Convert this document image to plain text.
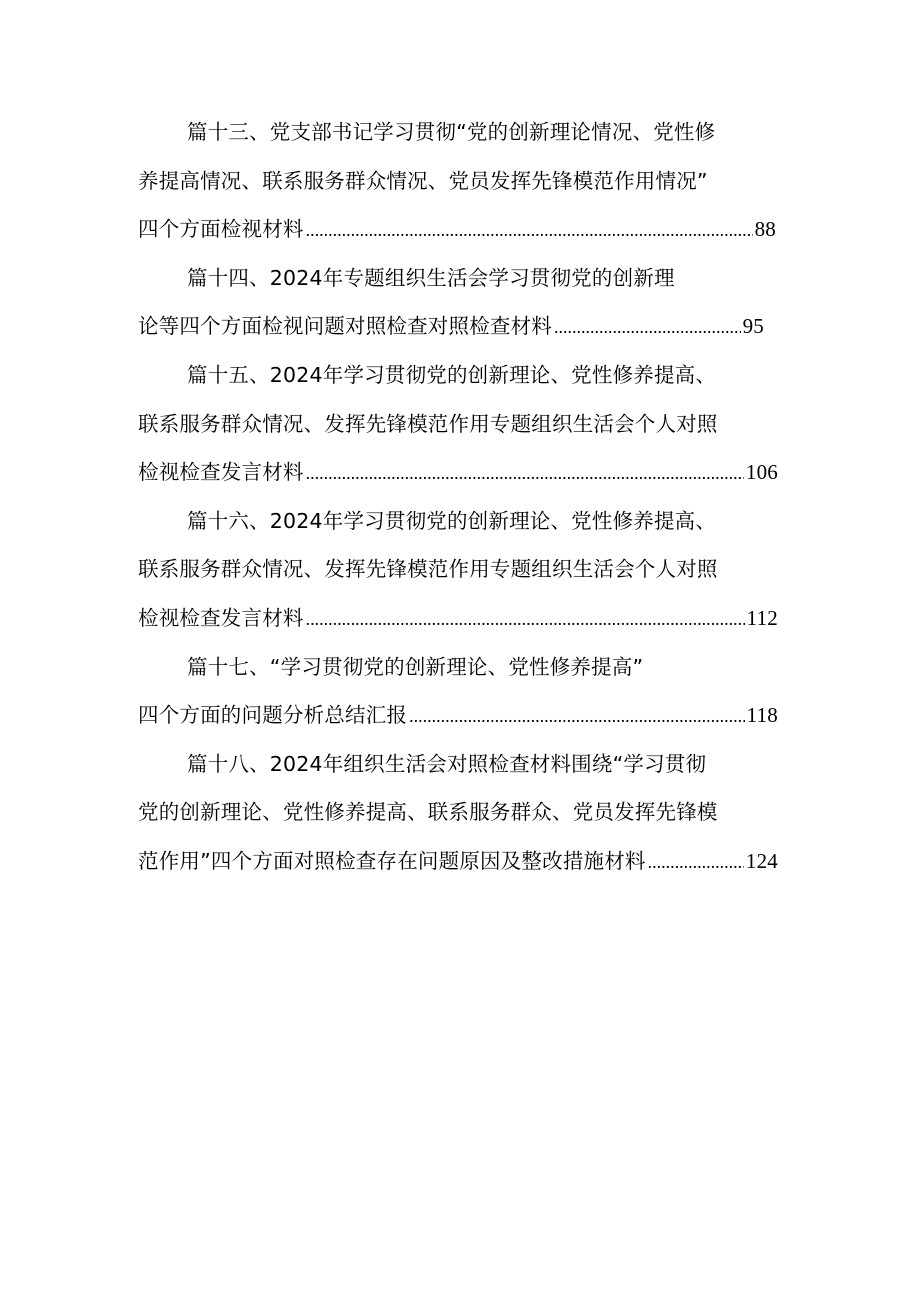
篇十三、党支部书记学习贯彻“党的创新理论情况、党性修
养提高情况、联系服务群众情况、党员发挥先锋模范作用情况”
四个方面检视材料 .....	88
篇十四、2024年专题组织生活会学习贯彻党的创新理
论等四个方面检视问题对照检查对照检查材料 .....	95
篇十五、2024年学习贯彻党的创新理论、党性修养提高、
联系服务群众情况、发挥先锋模范作用专题组织生活会个人对照
检视检查发言材料 .....	106
篇十六、2024年学习贯彻党的创新理论、党性修养提高、
联系服务群众情况、发挥先锋模范作用专题组织生活会个人对照
检视检查发言材料 .....	112
篇十七、“学习贯彻党的创新理论、党性修养提高”
四个方面的问题分析总结汇报 .....	118
篇十八、2024年组织生活会对照检查材料围绕“学习贯彻
党的创新理论、党性修养提高、联系服务群众、党员发挥先锋模
范作用”四个方面对照检查存在问题原因及整改措施材料 .....	124
